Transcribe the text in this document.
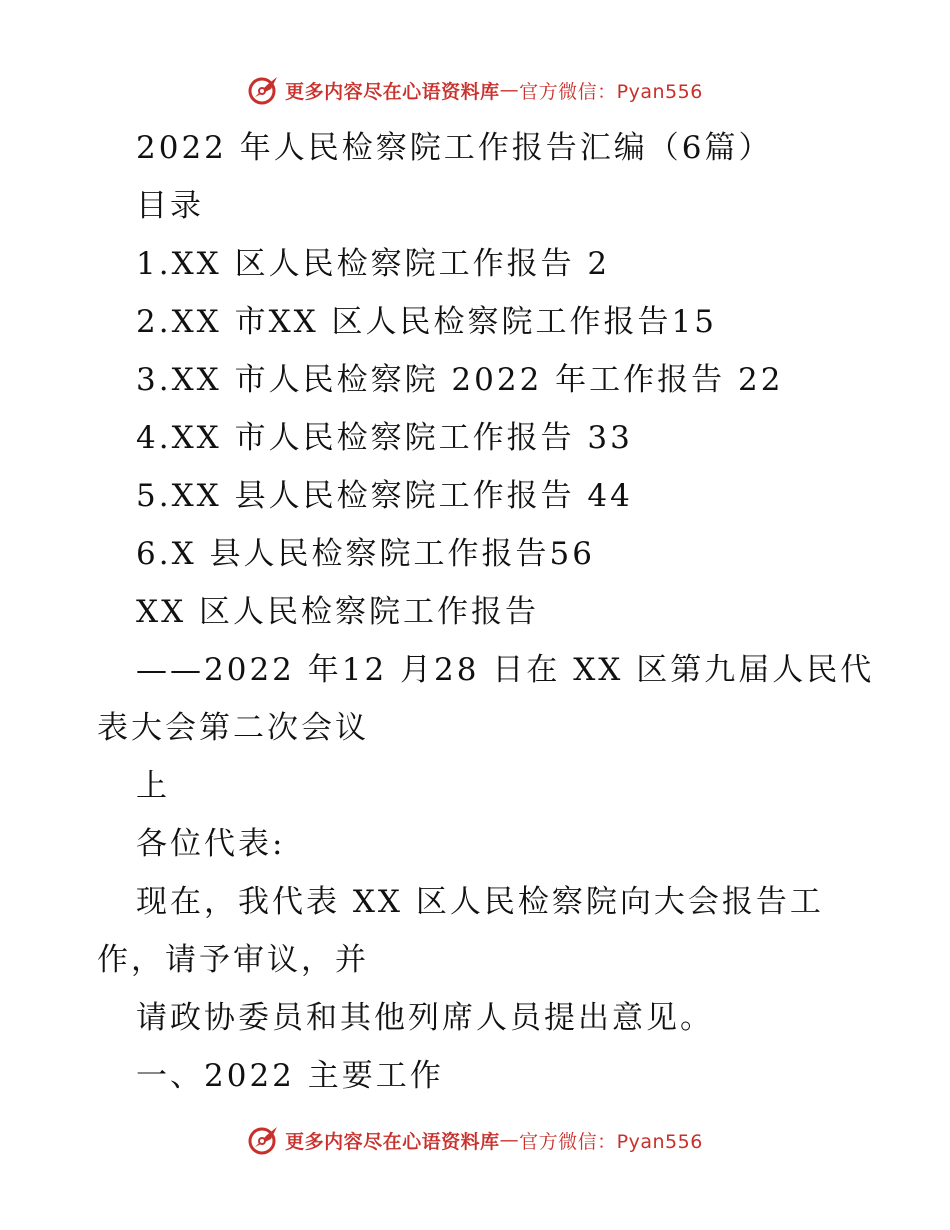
更多内容尽在心语资料库 — 官方微信：Pyan556
2022 年人民检察院工作报告汇编（6篇）
目录
1.XX 区人民检察院工作报告 2
2.XX 市XX 区人民检察院工作报告15
3.XX 市人民检察院 2022 年工作报告 22
4.XX 市人民检察院工作报告 33
5.XX 县人民检察院工作报告 44
6.X 县人民检察院工作报告56
XX 区人民检察院工作报告
——2022 年12 月28 日在 XX 区第九届人民代
表大会第二次会议
上
各位代表:
现在，我代表 XX 区人民检察院向大会报告工
作，请予审议，并
请政协委员和其他列席人员提出意见。
一、2022 主要工作
更多内容尽在心语资料库 — 官方微信：Pyan556
